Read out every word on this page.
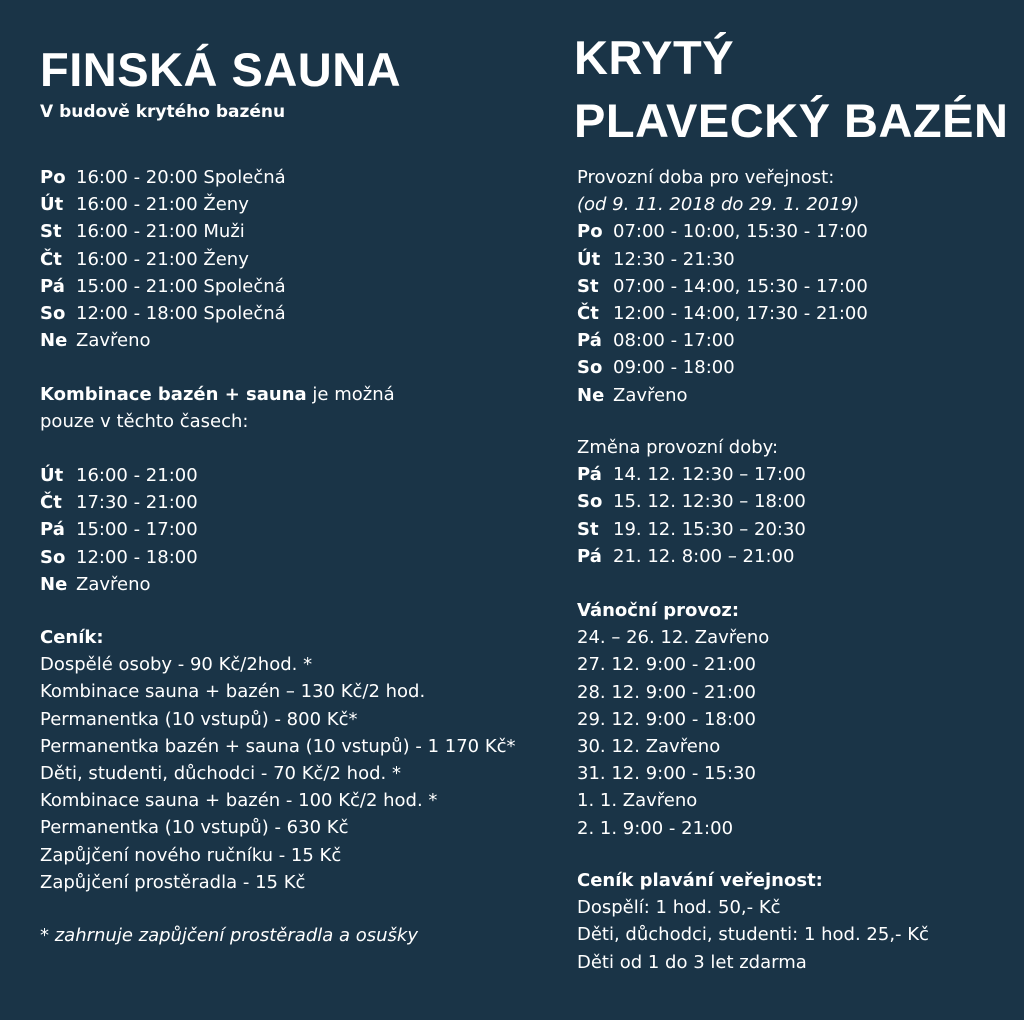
FINSKÁ SAUNA
V budově krytého bazénu
Po 16:00 - 20:00 Společná
Út 16:00 - 21:00 Ženy
St 16:00 - 21:00 Muži
Čt 16:00 - 21:00 Ženy
Pá 15:00 - 21:00 Společná
So 12:00 - 18:00 Společná
Ne Zavřeno
Kombinace bazén + sauna je možná
pouze v těchto časech:
Út 16:00 - 21:00
Čt 17:30 - 21:00
Pá 15:00 - 17:00
So 12:00 - 18:00
Ne Zavřeno
Ceník:
Dospělé osoby - 90 Kč/2hod. *
Kombinace sauna + bazén – 130 Kč/2 hod.
Permanentka (10 vstupů) - 800 Kč*
Permanentka bazén + sauna (10 vstupů) - 1 170 Kč*
Děti, studenti, důchodci - 70 Kč/2 hod. *
Kombinace sauna + bazén - 100 Kč/2 hod. *
Permanentka (10 vstupů) - 630 Kč
Zapůjčení nového ručníku - 15 Kč
Zapůjčení prostěradla - 15 Kč
* zahrnuje zapůjčení prostěradla a osušky
KRYTÝ
PLAVECKÝ BAZÉN
Provozní doba pro veřejnost:
(od 9. 11. 2018 do 29. 1. 2019)
Po 07:00 - 10:00, 15:30 - 17:00
Út 12:30 - 21:30
St 07:00 - 14:00, 15:30 - 17:00
Čt 12:00 - 14:00, 17:30 - 21:00
Pá 08:00 - 17:00
So 09:00 - 18:00
Ne Zavřeno
Změna provozní doby:
Pá 14. 12. 12:30 – 17:00
So 15. 12. 12:30 – 18:00
St 19. 12. 15:30 – 20:30
Pá 21. 12. 8:00 – 21:00
Vánoční provoz:
24. – 26. 12. Zavřeno
27. 12. 9:00 - 21:00
28. 12. 9:00 - 21:00
29. 12. 9:00 - 18:00
30. 12. Zavřeno
31. 12. 9:00 - 15:30
1. 1. Zavřeno
2. 1. 9:00 - 21:00
Ceník plavání veřejnost:
Dospělí: 1 hod. 50,- Kč
Děti, důchodci, studenti: 1 hod. 25,- Kč
Děti od 1 do 3 let zdarma
